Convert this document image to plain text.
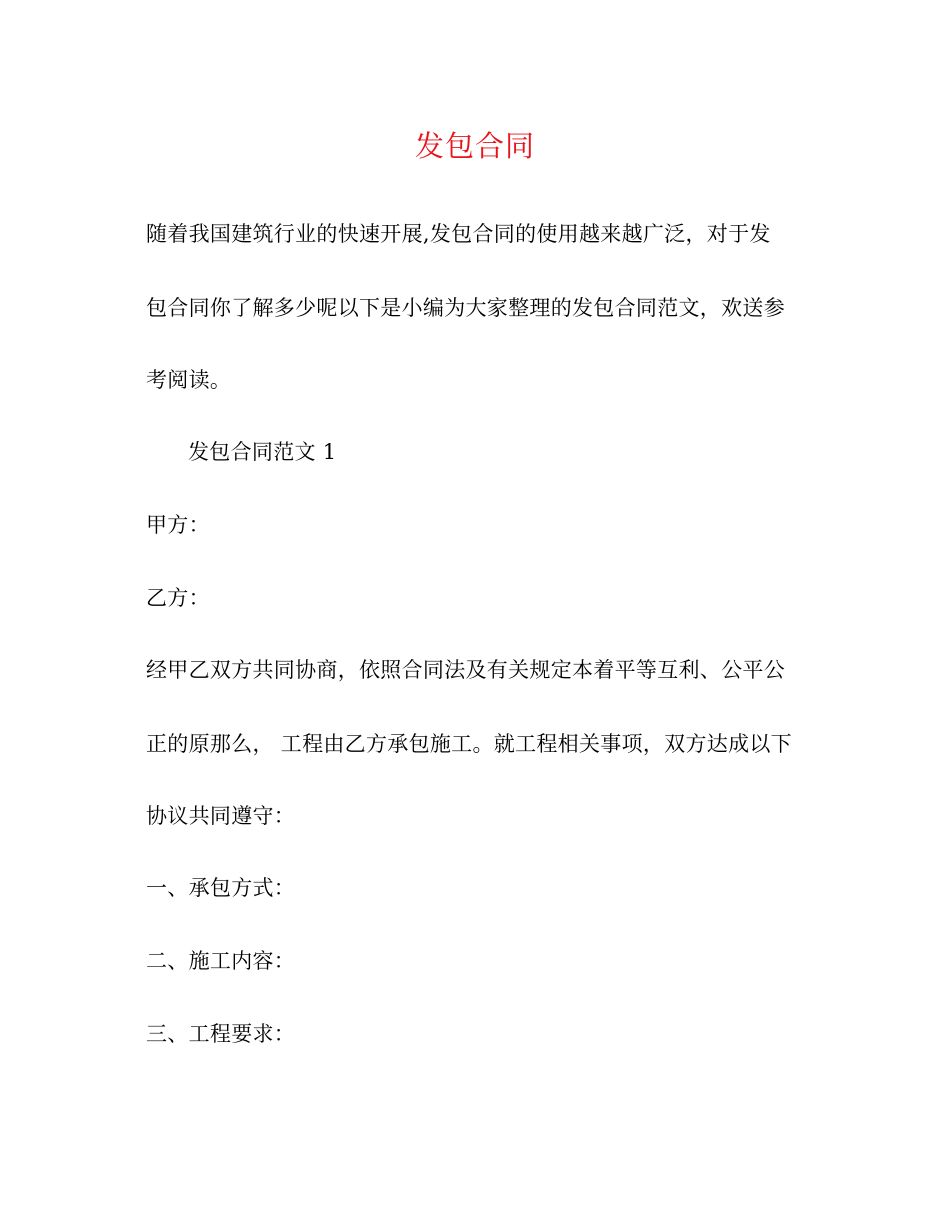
发包合同
随着我国建筑行业的快速开展,发包合同的使用越来越广泛，对于发
包合同你了解多少呢以下是小编为大家整理的发包合同范文，欢送参
考阅读。
发包合同范文 1
甲方：
乙方：
经甲乙双方共同协商，依照合同法及有关规定本着平等互利、公平公
正的原那么， 工程由乙方承包施工。就工程相关事项，双方达成以下
协议共同遵守：
一、承包方式：
二、施工内容：
三、工程要求：
